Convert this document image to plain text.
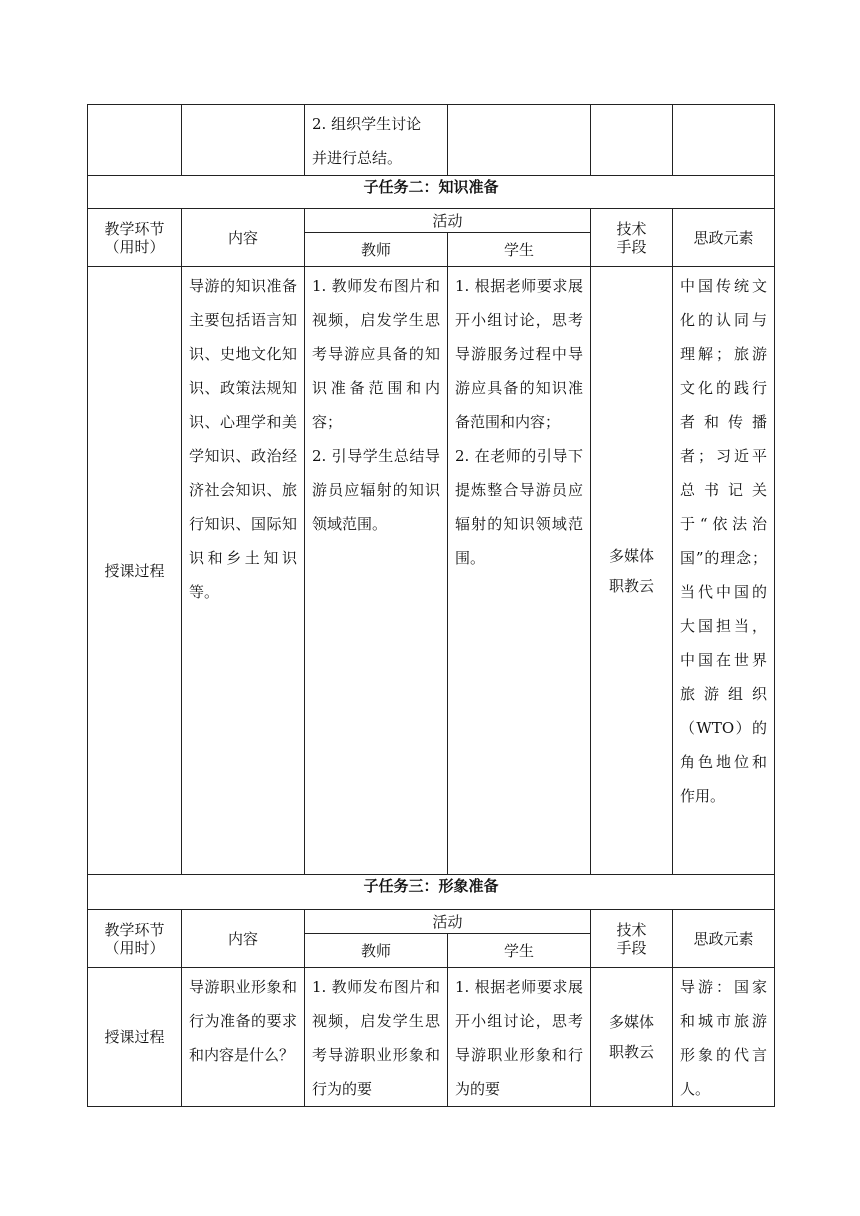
		2. 组织学生讨论
并进行总结。			

子任务二：知识准备					
教学环节
（用时）	内容	活动		技术
手段	思政元素
		教师	学生		
授课过程	导游的知识准备主要包括语言知识、史地文化知识、政策法规知识、心理学和美学知识、政治经济社会知识、旅行知识、国际知识和乡土知识等。	1. 教师发布图片和视频，启发学生思考导游应具备的知识准备范围和内容；
2. 引导学生总结导游员应辐射的知识领域范围。	1. 根据老师要求展开小组讨论，思考导游服务过程中导游应具备的知识准备范围和内容；
2. 在老师的引导下提炼整合导游员应辐射的知识领域范围。	多媒体
职教云	中国传统文化的认同与理解；旅游文化的践行者和传播者；习近平总书记关于“依法治国”的理念；当代中国的大国担当，中国在世界旅游组织（WTO）的角色地位和作用。

子任务三：形象准备					
教学环节
（用时）	内容	活动		技术
手段	思政元素
		教师	学生		
授课过程	导游职业形象和行为准备的要求和内容是什么？	1. 教师发布图片和视频，启发学生思考导游职业形象和行为的要	1. 根据老师要求展开小组讨论，思考导游职业形象和行为的要	多媒体
职教云	导游：国家和城市旅游形象的代言人。
